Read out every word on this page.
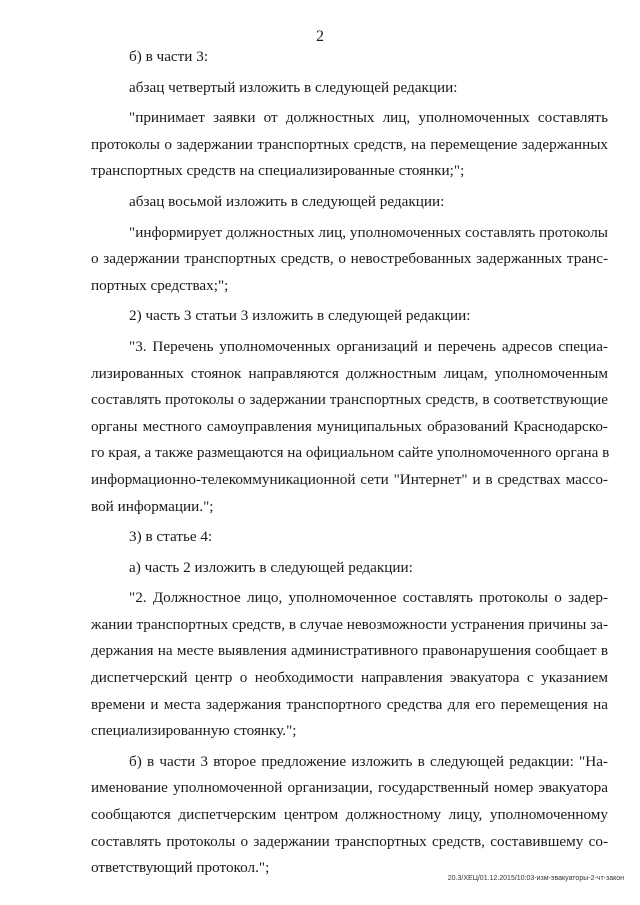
2
б) в части 3:
абзац четвертый изложить в следующей редакции:
"принимает заявки от должностных лиц, уполномоченных составлять
протоколы о задержании транспортных средств, на перемещение задержанных
транспортных средств на специализированные стоянки;";
абзац восьмой изложить в следующей редакции:
"информирует должностных лиц, уполномоченных составлять протоколы
о задержании транспортных средств, о невостребованных задержанных транс-
портных средствах;";
2) часть 3 статьи 3 изложить в следующей редакции:
"3. Перечень уполномоченных организаций и перечень адресов специа-
лизированных стоянок направляются должностным лицам, уполномоченным
составлять протоколы о задержании транспортных средств, в соответствующие
органы местного самоуправления муниципальных образований Краснодарско-
го края, а также размещаются на официальном сайте уполномоченного органа в
информационно-телекоммуникационной сети "Интернет" и в средствах массо-
вой информации.";
3) в статье 4:
а) часть 2 изложить в следующей редакции:
"2. Должностное лицо, уполномоченное составлять протоколы о задер-
жании транспортных средств, в случае невозможности устранения причины за-
держания на месте выявления административного правонарушения сообщает в
диспетчерский центр о необходимости направления эвакуатора с указанием
времени и места задержания транспортного средства для его перемещения на
специализированную стоянку.";
б) в части 3 второе предложение изложить в следующей редакции: "На-
именование уполномоченной организации, государственный номер эвакуатора
сообщаются диспетчерским центром должностному лицу, уполномоченному
составлять протоколы о задержании транспортных средств, составившему со-
ответствующий протокол.";
20.3/ХЕЦ/01.12.2015/10:03-изм-эвакуаторы-2-чт-закон
